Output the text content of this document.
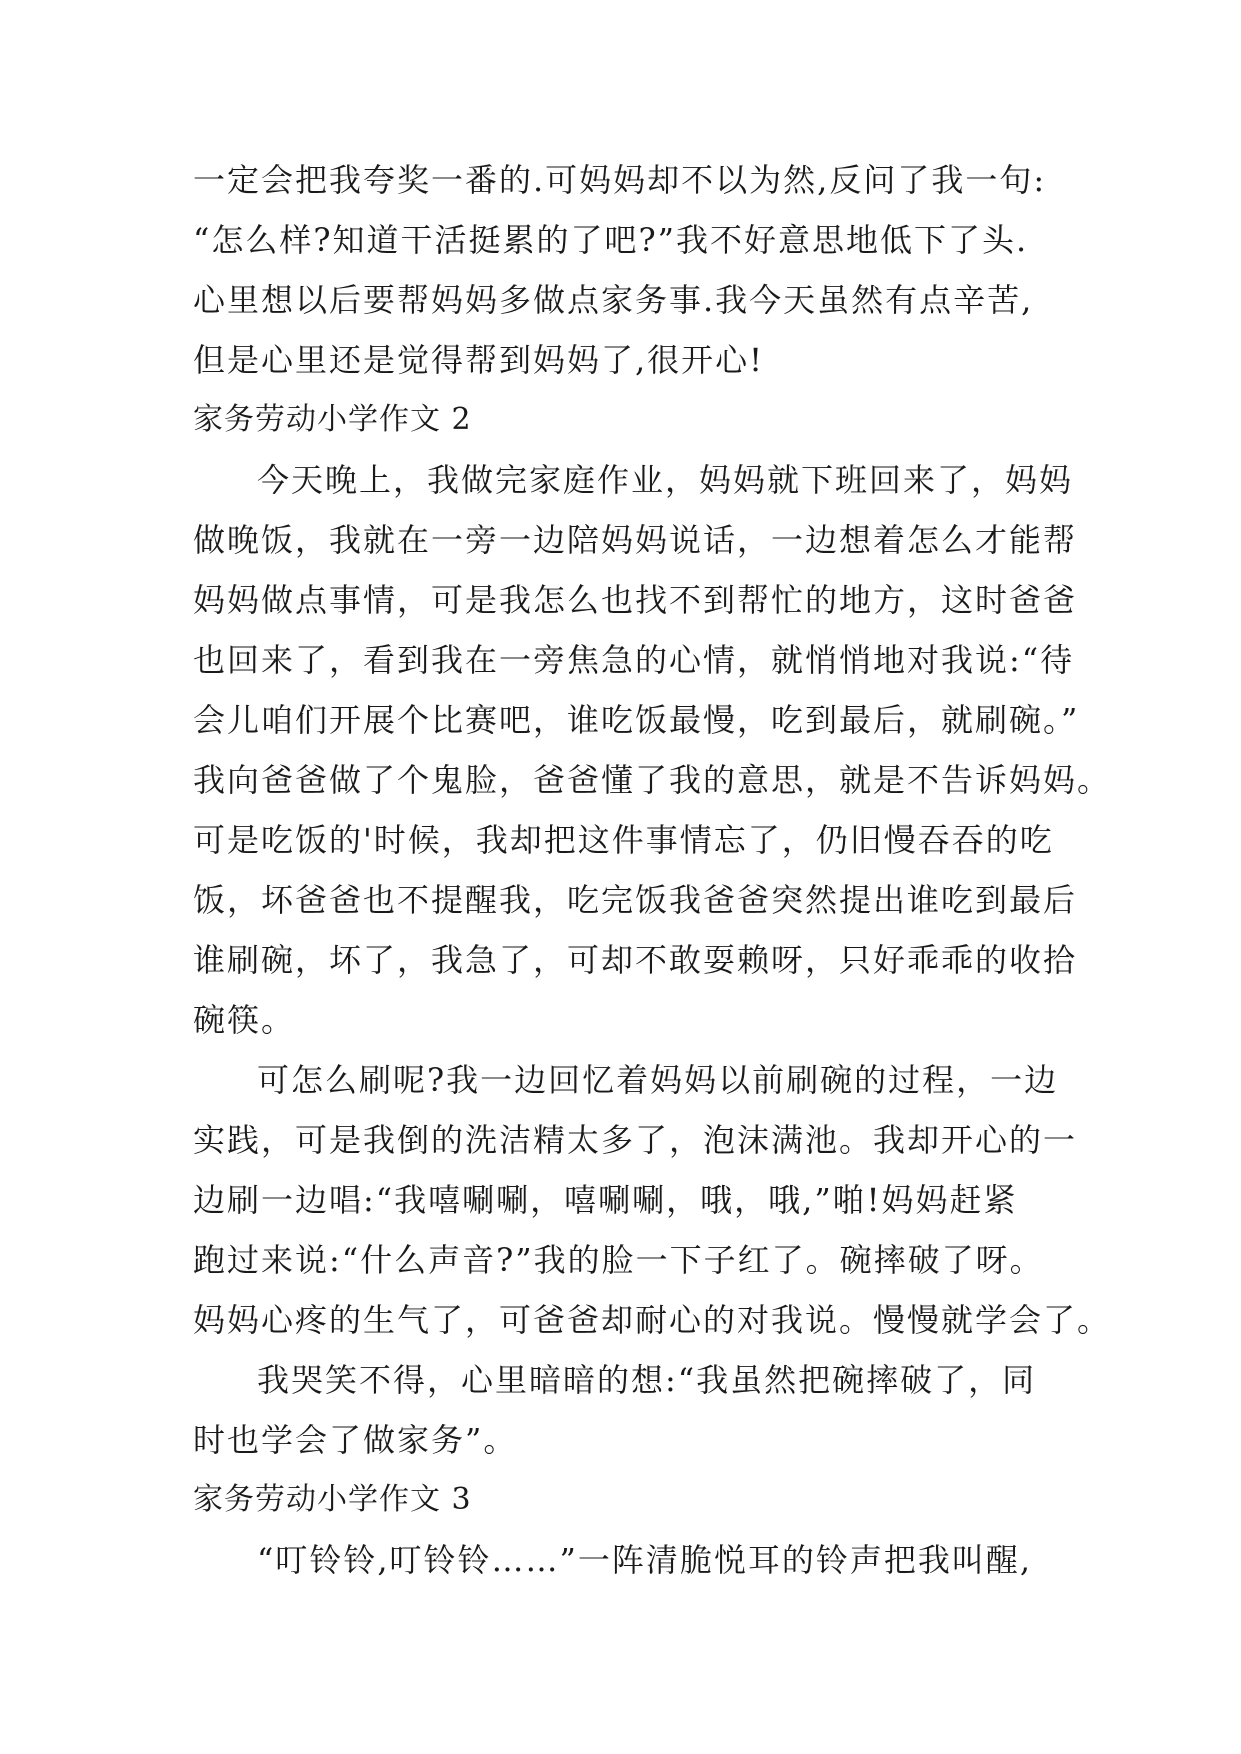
一定会把我夸奖一番的.可妈妈却不以为然,反问了我一句:
“怎么样?知道干活挺累的了吧?”我不好意思地低下了头.
心里想以后要帮妈妈多做点家务事.我今天虽然有点辛苦,
但是心里还是觉得帮到妈妈了,很开心!
家务劳动小学作文 2
今天晚上，我做完家庭作业，妈妈就下班回来了，妈妈
做晚饭，我就在一旁一边陪妈妈说话，一边想着怎么才能帮
妈妈做点事情，可是我怎么也找不到帮忙的地方，这时爸爸
也回来了，看到我在一旁焦急的心情，就悄悄地对我说:“待
会儿咱们开展个比赛吧，谁吃饭最慢，吃到最后，就刷碗。”
我向爸爸做了个鬼脸，爸爸懂了我的意思，就是不告诉妈妈。
可是吃饭的'时候，我却把这件事情忘了，仍旧慢吞吞的吃
饭，坏爸爸也不提醒我，吃完饭我爸爸突然提出谁吃到最后
谁刷碗，坏了，我急了，可却不敢耍赖呀，只好乖乖的收拾
碗筷。
可怎么刷呢?我一边回忆着妈妈以前刷碗的过程，一边
实践，可是我倒的洗洁精太多了，泡沫满池。我却开心的一
边刷一边唱:“我嘻唰唰，嘻唰唰，哦，哦,”啪!妈妈赶紧
跑过来说:“什么声音?”我的脸一下子红了。碗摔破了呀。
妈妈心疼的生气了，可爸爸却耐心的对我说。慢慢就学会了。
我哭笑不得，心里暗暗的想:“我虽然把碗摔破了，同
时也学会了做家务”。
家务劳动小学作文 3
“叮铃铃,叮铃铃……”一阵清脆悦耳的铃声把我叫醒,
